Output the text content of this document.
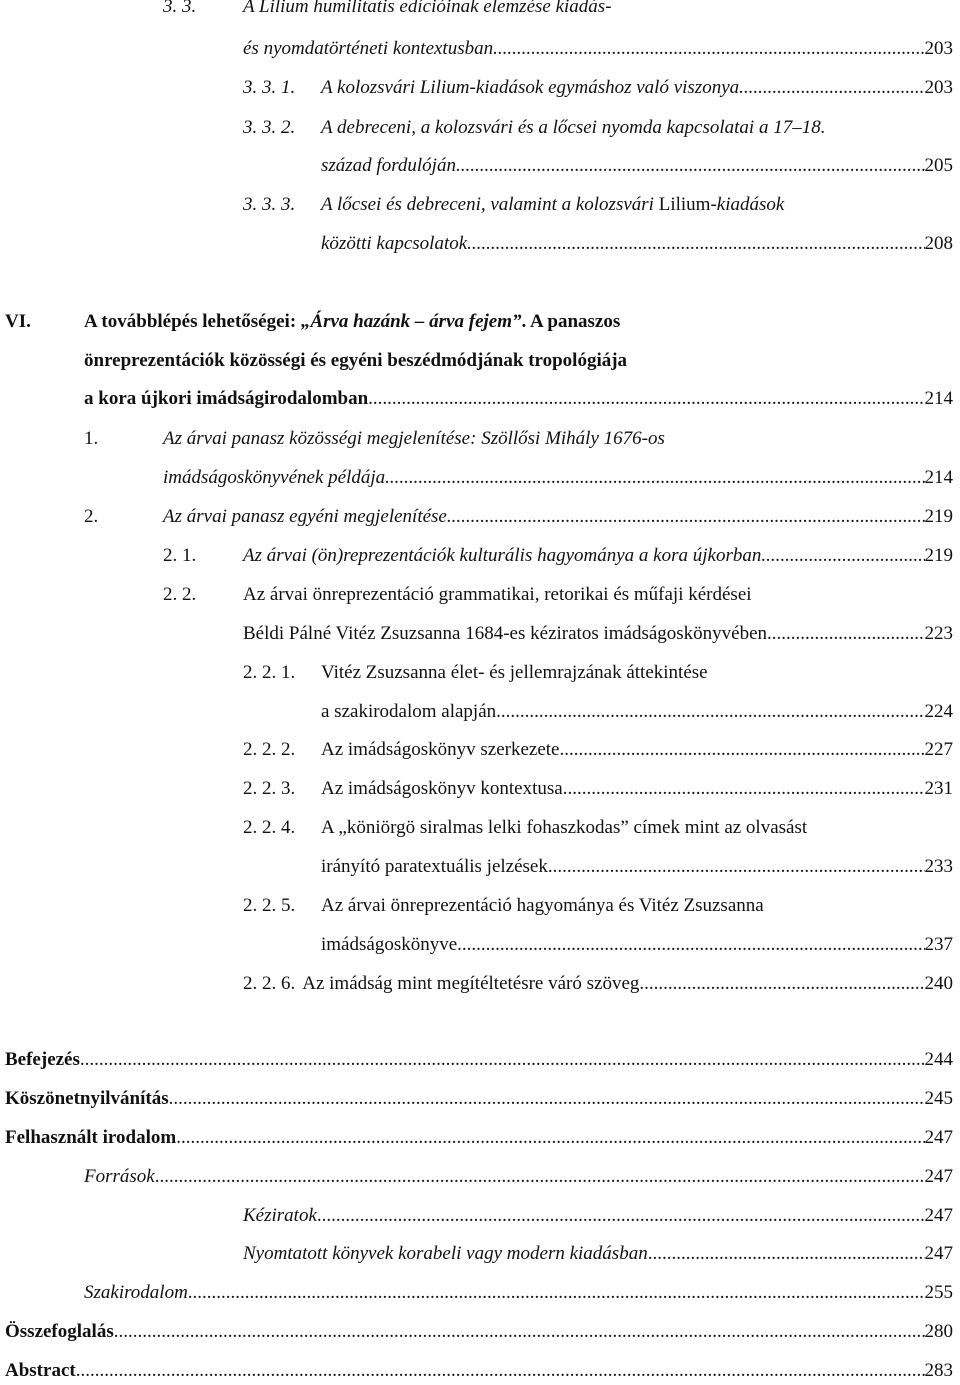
3. 3. A Lilium humilitatis edícióinak elemzése kiadás-
és nyomdatörténeti kontextusban .....	203
3. 3. 1. A kolozsvári Lilium-kiadások egymáshoz való viszonya .....	203
3. 3. 2. A debreceni, a kolozsvári és a lőcsei nyomda kapcsolatai a 17–18.
század fordulóján .....	205
3. 3. 3. A lőcsei és debreceni, valamint a kolozsvári Lilium-kiadások
közötti kapcsolatok .....	208
VI.	A továbblépés lehetőségei: „Árva hazánk – árva fejem”. A panaszos
önreprezentációk közösségi és egyéni beszédmódjának tropológiája
a kora újkori imádságirodalomban .....	214
1.	Az árvai panasz közösségi megjelenítése: Szöllősi Mihály 1676-os
imádságoskönyvének példája .....	214
2.	Az árvai panasz egyéni megjelenítése .....	219
2. 1. Az árvai (ön)reprezentációk kulturális hagyománya a kora újkorban .....	219
2. 2. Az árvai önreprezentáció grammatikai, retorikai és műfaji kérdései
Béldi Pálné Vitéz Zsuzsanna 1684-es kéziratos imádságoskönyvében .....	223
2. 2. 1. Vitéz Zsuzsanna élet- és jellemrajzának áttekintése
a szakirodalom alapján .....	224
2. 2. 2. Az imádságoskönyv szerkezete .....	227
2. 2. 3. Az imádságoskönyv kontextusa .....	231
2. 2. 4. A „köniörgö siralmas lelki fohaszkodas” címek mint az olvasást
irányító paratextuális jelzések .....	233
2. 2. 5. Az árvai önreprezentáció hagyománya és Vitéz Zsuzsanna
imádságoskönyve .....	237
2. 2. 6. Az imádság mint megítéltetésre váró szöveg .....	240
Befejezés .....	244
Köszönetnyilvánítás .....	245
Felhasznált irodalom .....	247
Források .....	247
Kéziratok .....	247
Nyomtatott könyvek korabeli vagy modern kiadásban .....	247
Szakirodalom .....	255
Összefoglalás .....	280
Abstract .....	283
